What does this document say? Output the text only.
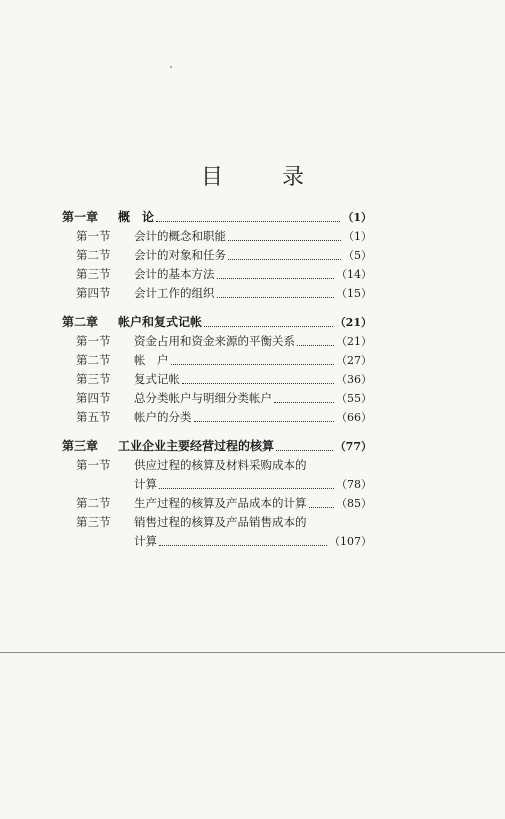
目 录
第一章	概　论	（1）
第一节	会计的概念和职能	（1）
第二节	会计的对象和任务	（5）
第三节	会计的基本方法	（14）
第四节	会计工作的组织	（15）
第二章	帐户和复式记帐	（21）
第一节	资金占用和资金来源的平衡关系	（21）
第二节	帐　户	（27）
第三节	复式记帐	（36）
第四节	总分类帐户与明细分类帐户	（55）
第五节	帐户的分类	（66）
第三章	工业企业主要经营过程的核算	（77）
第一节	供应过程的核算及材料采购成本的
计算	（78）
第二节	生产过程的核算及产品成本的计算	（85）
第三节	销售过程的核算及产品销售成本的
计算	（107）
